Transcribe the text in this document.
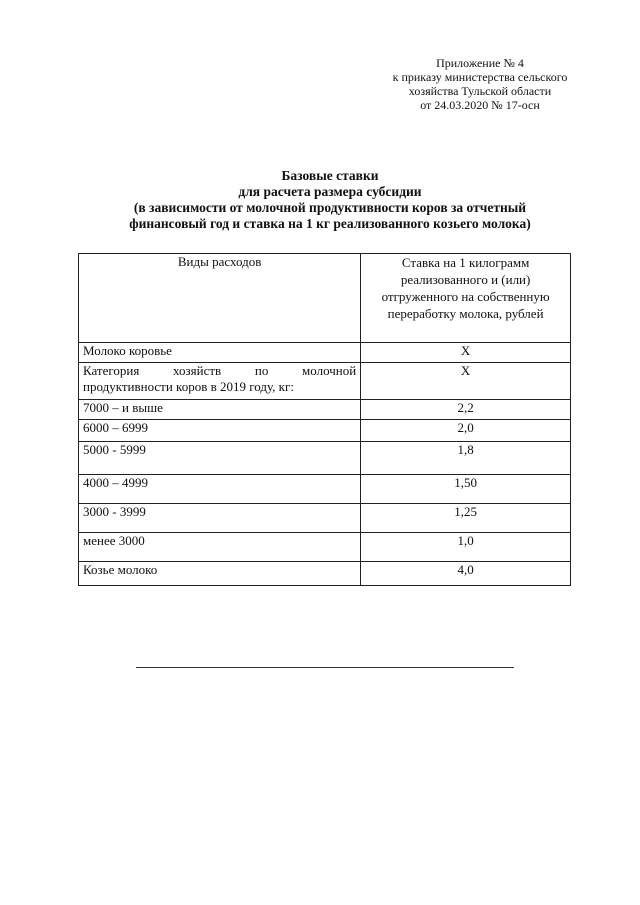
Приложение № 4
к приказу министерства сельского
хозяйства Тульской области
от 24.03.2020 № 17-осн
Базовые ставки
для расчета размера субсидии
(в зависимости от молочной продуктивности коров за отчетный
финансовый год и ставка на 1 кг реализованного козьего молока)
Виды расходов	Ставка на 1 килограмм реализованного и (или) отгруженного на собственную переработку молока, рублей
Молоко коровье	Х
Категория хозяйств по молочной продуктивности коров в 2019 году, кг:	Х
7000 – и выше	2,2
6000 – 6999	2,0
5000 - 5999	1,8
4000 – 4999	1,50
3000 - 3999	1,25
менее 3000	1,0
Козье молоко	4,0
